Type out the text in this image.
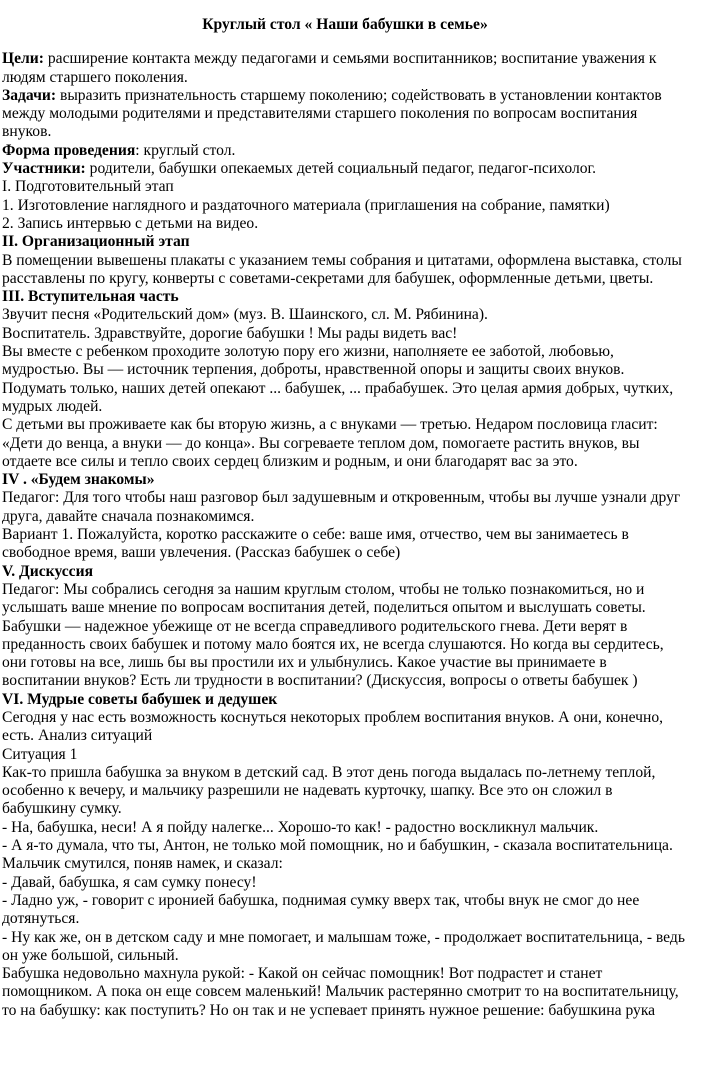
Круглый стол « Наши бабушки в семье»

Цели: расширение контакта между педагогами и семьями воспитанников; воспитание уважения к людям старшего поколения.

Задачи: выразить признательность старшему поколению; содействовать в установлении контактов между молодыми родителями и представителями старшего поколения по вопросам воспитания внуков.

Форма проведения: круглый стол.

Участники: родители, бабушки опекаемых детей социальный педагог, педагог-психолог.

I. Подготовительный этап

1. Изготовление наглядного и раздаточного материала (приглашения на собрание, памятки)

2. Запись интервью с детьми на видео.

II. Организационный этап

В помещении вывешены плакаты с указанием темы собрания и цитатами, оформлена выставка, столы расставлены по кругу, конверты с советами-секретами для бабушек, оформленные детьми, цветы.

III. Вступительная часть

Звучит песня «Родительский дом» (муз. В. Шаинского, сл. М. Рябинина).

Воспитатель. Здравствуйте, дорогие бабушки ! Мы рады видеть вас!

Вы вместе с ребенком проходите золотую пору его жизни, наполняете ее заботой, любовью, мудростью. Вы — источник терпения, доброты, нравственной опоры и защиты своих внуков. Подумать только, наших детей опекают ... бабушек, ... прабабушек. Это целая армия добрых, чутких, мудрых людей.

С детьми вы проживаете как бы вторую жизнь, а с внуками — третью. Недаром пословица гласит: «Дети до венца, а внуки — до конца». Вы согреваете теплом дом, помогаете растить внуков, вы отдаете все силы и тепло своих сердец близким и родным, и они благодарят вас за это.

IV . «Будем знакомы»

Педагог: Для того чтобы наш разговор был задушевным и откровенным, чтобы вы лучше узнали друг друга, давайте сначала познакомимся.

Вариант 1. Пожалуйста, коротко расскажите о себе: ваше имя, отчество, чем вы занимаетесь в свободное время, ваши увлечения. (Рассказ бабушек о себе)

V. Дискуссия

Педагог: Мы собрались сегодня за нашим круглым столом, чтобы не только познакомиться, но и услышать ваше мнение по вопросам воспитания детей, поделиться опытом и выслушать советы.

Бабушки — надежное убежище от не всегда справедливого родительского гнева. Дети верят в преданность своих бабушек и потому мало боятся их, не всегда слушаются. Но когда вы сердитесь, они готовы на все, лишь бы вы простили их и улыбнулись. Какое участие вы принимаете в воспитании внуков? Есть ли трудности в воспитании? (Дискуссия, вопросы о ответы бабушек )

VI. Мудрые советы бабушек и дедушек

Сегодня у нас есть возможность коснуться некоторых проблем воспитания внуков. А они, конечно, есть. Анализ ситуаций

Ситуация 1

Как-то пришла бабушка за внуком в детский сад. В этот день погода выдалась по-летнему теплой, особенно к вечеру, и мальчику разрешили не надевать курточку, шапку. Все это он сложил в бабушкину сумку.

- На, бабушка, неси! А я пойду налегке... Хорошо-то как! - радостно воскликнул мальчик.

- А я-то думала, что ты, Антон, не только мой помощник, но и бабушкин, - сказала воспитательница.

Мальчик смутился, поняв намек, и сказал:

- Давай, бабушка, я сам сумку понесу!

- Ладно уж, - говорит с иронией бабушка, поднимая сумку вверх так, чтобы внук не смог до нее дотянуться.

- Ну как же, он в детском саду и мне помогает, и малышам тоже, - продолжает воспитательница, - ведь он уже большой, сильный.

Бабушка недовольно махнула рукой: - Какой он сейчас помощник! Вот подрастет и станет помощником. А пока он еще совсем маленький! Мальчик растерянно смотрит то на воспитательницу, то на бабушку: как поступить? Но он так и не успевает принять нужное решение: бабушкина рука
